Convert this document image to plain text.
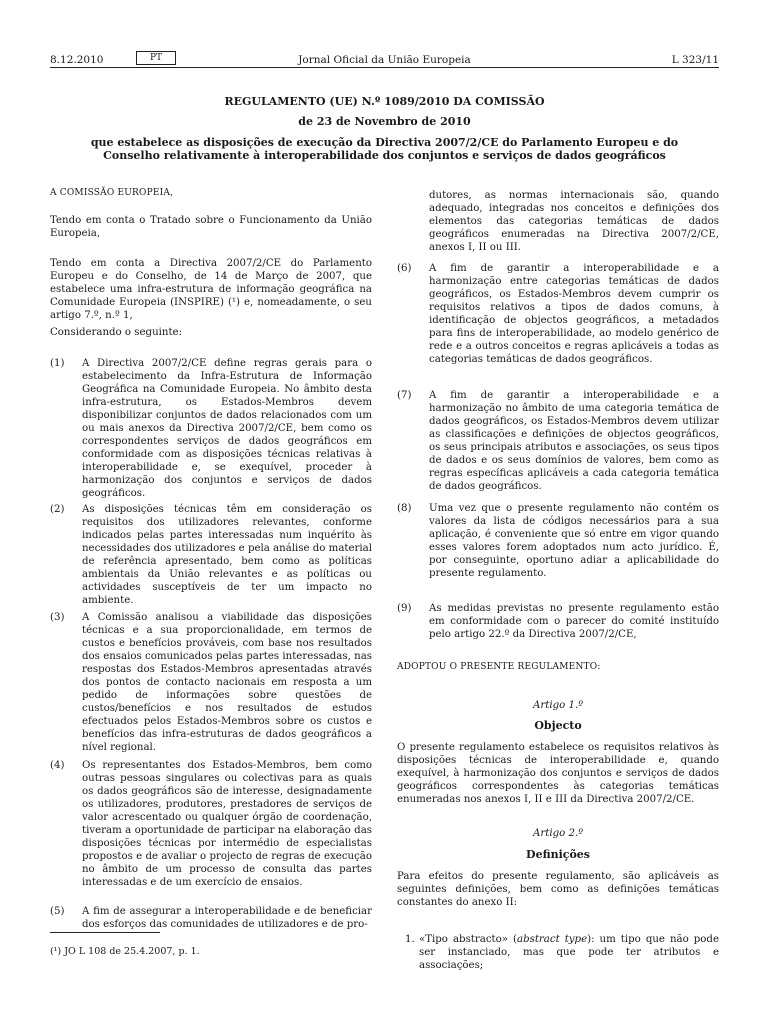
8.12.2010	PT	Jornal Oficial da União Europeia	L 323/11
REGULAMENTO (UE) N.º 1089/2010 DA COMISSÃO
de 23 de Novembro de 2010
que estabelece as disposições de execução da Directiva 2007/2/CE do Parlamento Europeu e do
Conselho relativamente à interoperabilidade dos conjuntos e serviços de dados geográficos

A COMISSÃO EUROPEIA,

Tendo em conta o Tratado sobre o Funcionamento da União Europeia,

Tendo em conta a Directiva 2007/2/CE do Parlamento Europeu e do Conselho, de 14 de Março de 2007, que estabelece uma infra-estrutura de informação geográfica na Comunidade Europeia (INSPIRE) (¹) e, nomeadamente, o seu artigo 7.º, n.º 1,

Considerando o seguinte:

(1)	A Directiva 2007/2/CE define regras gerais para o estabelecimento da Infra-Estrutura de Informação Geográfica na Comunidade Europeia. No âmbito desta infra-estrutura, os Estados-Membros devem disponibilizar conjuntos de dados relacionados com um ou mais anexos da Directiva 2007/2/CE, bem como os correspondentes serviços de dados geográficos em conformidade com as disposições técnicas relativas à interoperabilidade e, se exequível, proceder à harmonização dos conjuntos e serviços de dados geográficos.

(2)	As disposições técnicas têm em consideração os requisitos dos utilizadores relevantes, conforme indicados pelas partes interessadas num inquérito às necessidades dos utilizadores e pela análise do material de referência apresentado, bem como as políticas ambientais da União relevantes e as políticas ou actividades susceptíveis de ter um impacto no ambiente.

(3)	A Comissão analisou a viabilidade das disposições técnicas e a sua proporcionalidade, em termos de custos e benefícios prováveis, com base nos resultados dos ensaios comunicados pelas partes interessadas, nas respostas dos Estados-Membros apresentadas através dos pontos de contacto nacionais em resposta a um pedido de informações sobre questões de custos/benefícios e nos resultados de estudos efectuados pelos Estados-Membros sobre os custos e benefícios das infra-estruturas de dados geográficos a nível regional.

(4)	Os representantes dos Estados-Membros, bem como outras pessoas singulares ou colectivas para as quais os dados geográficos são de interesse, designadamente os utilizadores, produtores, prestadores de serviços de valor acrescentado ou qualquer órgão de coordenação, tiveram a oportunidade de participar na elaboração das disposições técnicas por intermédio de especialistas propostos e de avaliar o projecto de regras de execução no âmbito de um processo de consulta das partes interessadas e de um exercício de ensaios.

(5)	A fim de assegurar a interoperabilidade e de beneficiar dos esforços das comunidades de utilizadores e de pro-

(¹) JO L 108 de 25.4.2007, p. 1.

dutores, as normas internacionais são, quando adequado, integradas nos conceitos e definições dos elementos das categorias temáticas de dados geográficos enumeradas na Directiva 2007/2/CE, anexos I, II ou III.

(6)	A fim de garantir a interoperabilidade e a harmonização entre categorias temáticas de dados geográficos, os Estados-Membros devem cumprir os requisitos relativos a tipos de dados comuns, à identificação de objectos geográficos, a metadados para fins de interoperabilidade, ao modelo genérico de rede e a outros conceitos e regras aplicáveis a todas as categorias temáticas de dados geográficos.

(7)	A fim de garantir a interoperabilidade e a harmonização no âmbito de uma categoria temática de dados geográficos, os Estados-Membros devem utilizar as classificações e definições de objectos geográficos, os seus principais atributos e associações, os seus tipos de dados e os seus domínios de valores, bem como as regras específicas aplicáveis a cada categoria temática de dados geográficos.

(8)	Uma vez que o presente regulamento não contém os valores da lista de códigos necessários para a sua aplicação, é conveniente que só entre em vigor quando esses valores forem adoptados num acto jurídico. É, por conseguinte, oportuno adiar a aplicabilidade do presente regulamento.

(9)	As medidas previstas no presente regulamento estão em conformidade com o parecer do comité instituído pelo artigo 22.º da Directiva 2007/2/CE,

ADOPTOU O PRESENTE REGULAMENTO:

Artigo 1.º

Objecto

O presente regulamento estabelece os requisitos relativos às disposições técnicas de interoperabilidade e, quando exequível, à harmonização dos conjuntos e serviços de dados geográficos correspondentes às categorias temáticas enumeradas nos anexos I, II e III da Directiva 2007/2/CE.

Artigo 2.º

Definições

Para efeitos do presente regulamento, são aplicáveis as seguintes definições, bem como as definições temáticas constantes do anexo II:

1. «Tipo abstracto» (abstract type): um tipo que não pode ser instanciado, mas que pode ter atributos e associações;
